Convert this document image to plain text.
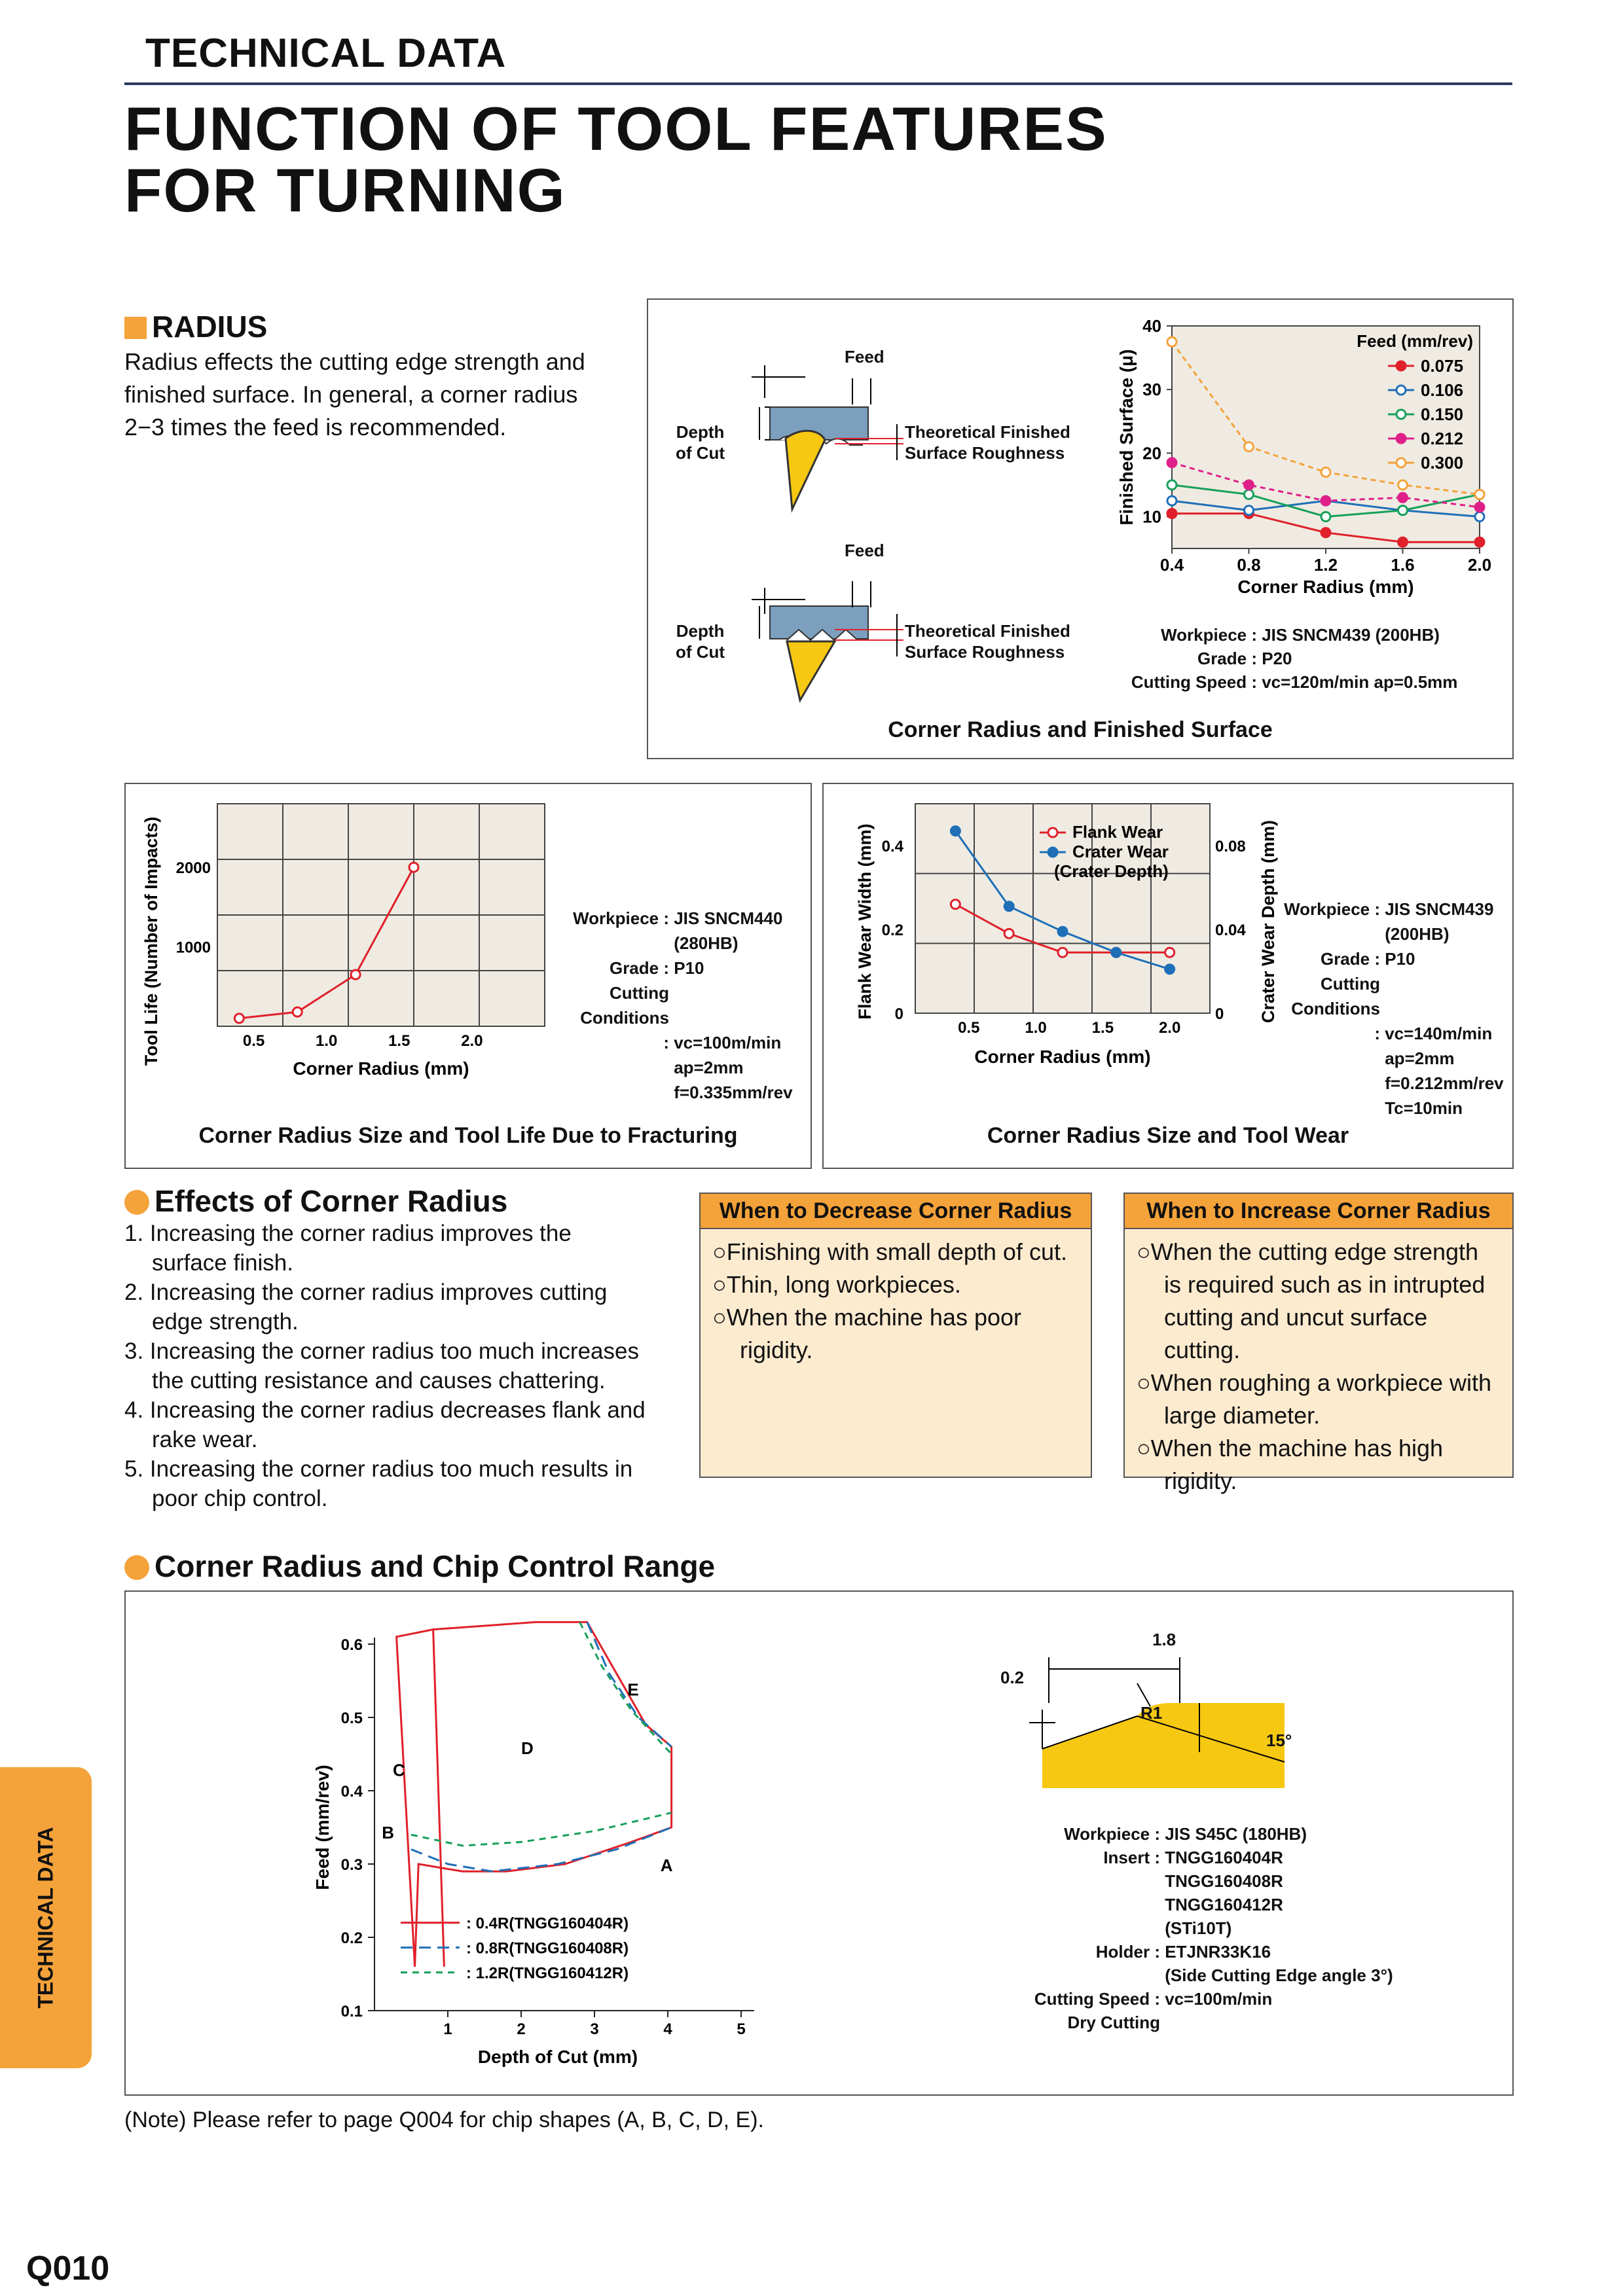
TECHNICAL DATA
FUNCTION OF TOOL FEATURES
FOR TURNING
RADIUS
Radius effects the cutting edge strength and
finished surface. In general, a corner radius
2−3 times the feed is recommended.
Feed
Feed
Depth
of Cut
Depth
of Cut
Theoretical Finished
Surface Roughness
Theoretical Finished
Surface Roughness
10
20
30
40
0.4	0.8	1.2	1.6	2.0
Corner Radius (mm)
Finished Surface (μ)
Feed (mm/rev)
0.075
0.106
0.150
0.212
0.300
Workpiece : JIS SNCM439 (200HB)
Grade : P20
Cutting Speed : vc=120m/min ap=0.5mm
Corner Radius and Finished Surface
1000
2000
0.5	1.0	1.5	2.0
Corner Radius (mm)
Tool Life (Number of Impacts)	Workpiece : JIS SNCM440
(280HB)
Grade : P10
Cutting
Conditions : vc=100m/min
ap=2mm
f=0.335mm/rev
Corner Radius Size and Tool Life Due to Fracturing
0
0.2
0.4
0
0.04
0.08
0.5	1.0	1.5	2.0
Corner Radius (mm)
Flank Wear Width (mm)	Crater Wear Depth (mm)
Flank Wear
Crater Wear
(Crater Depth)
Workpiece : JIS SNCM439
(200HB)
Grade : P10
Cutting
Conditions : vc=140m/min
ap=2mm
f=0.212mm/rev
Tc=10min
Corner Radius Size and Tool Wear
Effects of Corner Radius
1. Increasing the corner radius improves the
surface finish.
2. Increasing the corner radius improves cutting
edge strength.
3. Increasing the corner radius too much increases
the cutting resistance and causes chattering.
4. Increasing the corner radius decreases flank and
rake wear.
5. Increasing the corner radius too much results in
poor chip control.
When to Decrease Corner Radius
○Finishing with small depth of cut.
○Thin, long workpieces.
○When the machine has poor rigidity.
When to Increase Corner Radius
○When the cutting edge strength is required such as in intrupted cutting and uncut surface cutting.
○When roughing a workpiece with large diameter.
○When the machine has high rigidity.
Corner Radius and Chip Control Range
0.1
0.2
0.3
0.4
0.5
0.6
1	2	3	4	5
Depth of Cut (mm)
Feed (mm/rev)
: 0.4R(TNGG160404R)
: 0.8R(TNGG160408R)
: 1.2R(TNGG160412R)
A
B
C
D
E
1.8
0.2
R1
15°
Workpiece : JIS S45C (180HB)
Insert : TNGG160404R
TNGG160408R
TNGG160412R
(STi10T)
Holder : ETJNR33K16
(Side Cutting Edge angle 3°)
Cutting Speed : vc=100m/min
Dry Cutting
(Note) Please refer to page Q004 for chip shapes (A, B, C, D, E).
TECHNICAL DATA
Q010
